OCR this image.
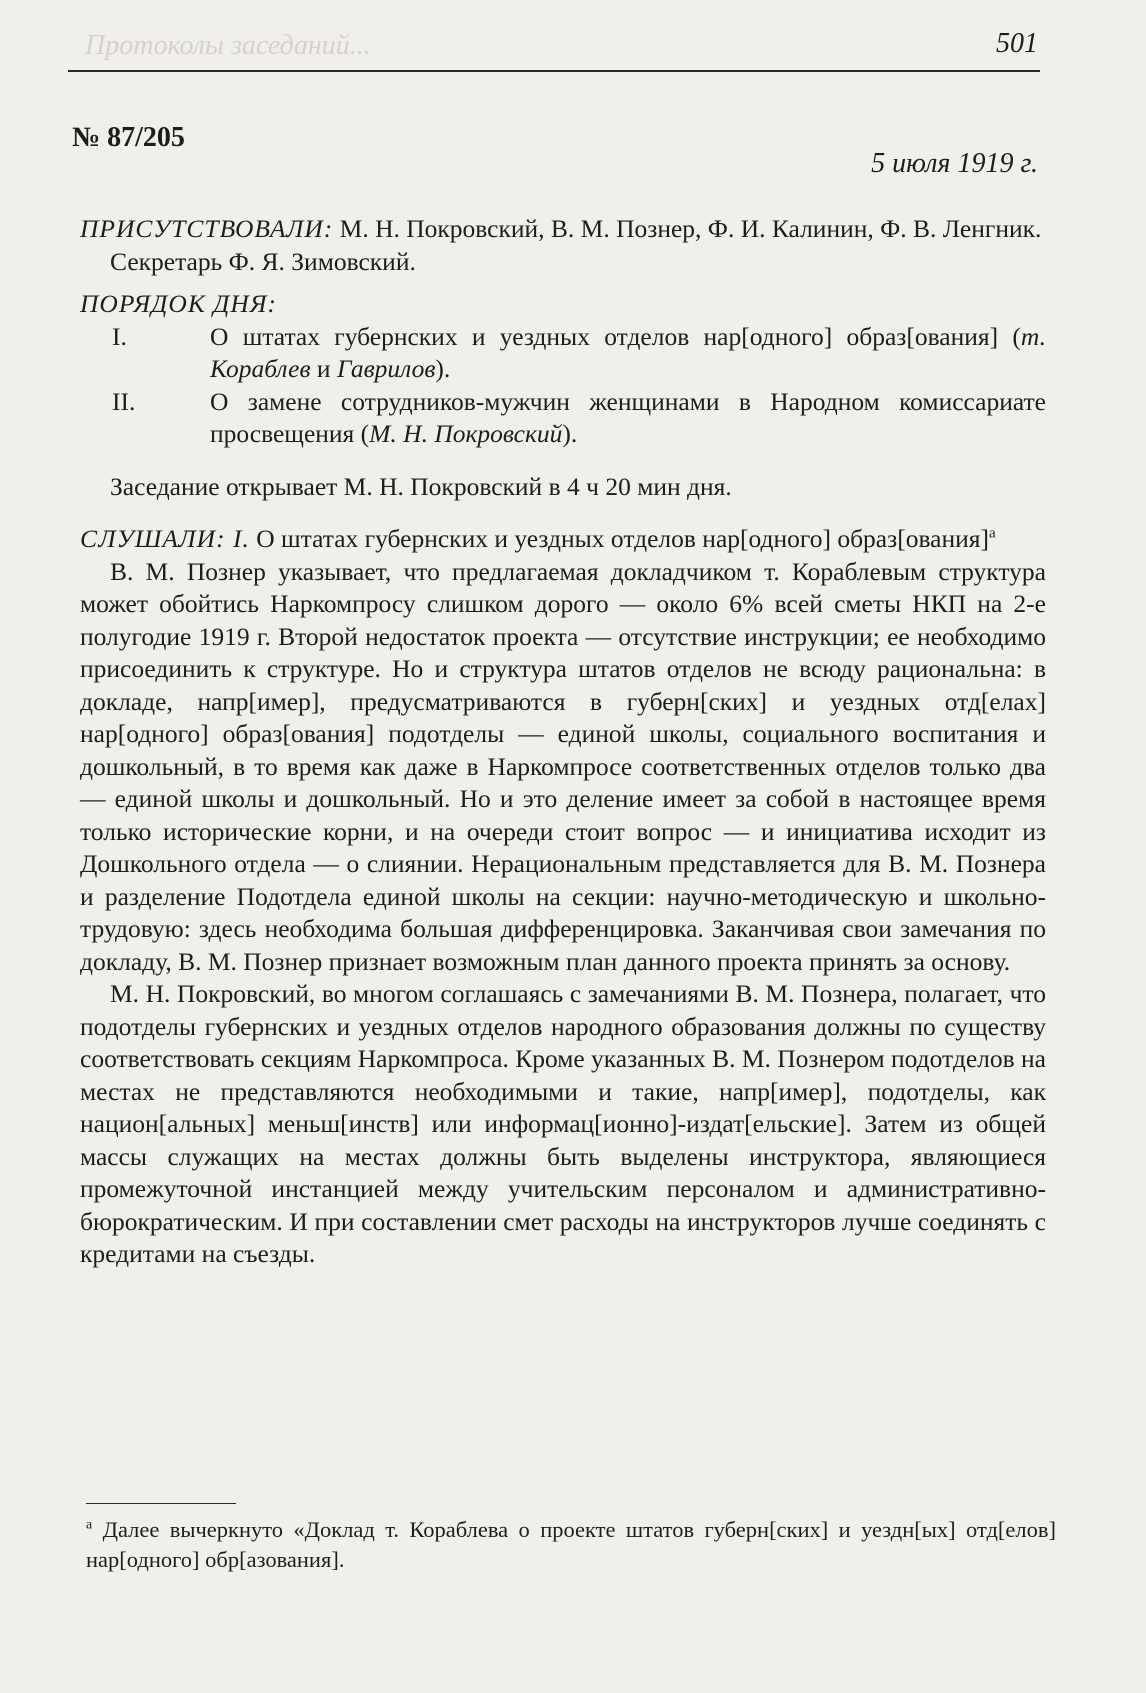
Протоколы заседаний...	501
№ 87/205
5 июля 1919 г.

ПРИСУТСТВОВАЛИ: М. Н. Покровский, В. М. Познер, Ф. И. Калинин, Ф. В. Ленгник.

Секретарь Ф. Я. Зимовский.

ПОРЯДОК ДНЯ:

I.	О штатах губернских и уездных отделов нар[одного] образ[ования] (т. Кораблев и Гаврилов).
II.	О замене сотрудников-мужчин женщинами в Народном комиссариате просвещения (М. Н. Покровский).

Заседание открывает М. Н. Покровский в 4 ч 20 мин дня.

СЛУШАЛИ: I. О штатах губернских и уездных отделов нар[одного] образ[ования]$^а$

В. М. Познер указывает, что предлагаемая докладчиком т. Кораблевым структура может обойтись Наркомпросу слишком дорого — около 6% всей сметы НКП на 2-е полугодие 1919 г. Второй недостаток проекта — отсутствие инструкции; ее необходимо присоединить к структуре. Но и структура штатов отделов не всюду рациональна: в докладе, напр[имер], предусматриваются в губерн[ских] и уездных отд[елах] нар[одного] образ[ования] подотделы — единой школы, социального воспитания и дошкольный, в то время как даже в Наркомпросе соответственных отделов только два — единой школы и дошкольный. Но и это деление имеет за собой в настоящее время только исторические корни, и на очереди стоит вопрос — и инициатива исходит из Дошкольного отдела — о слиянии. Нерациональным представляется для В. М. Познера и разделение Подотдела единой школы на секции: научно-методическую и школьно-трудовую: здесь необходима большая дифференцировка. Заканчивая свои замечания по докладу, В. М. Познер признает возможным план данного проекта принять за основу.

М. Н. Покровский, во многом соглашаясь с замечаниями В. М. Познера, полагает, что подотделы губернских и уездных отделов народного образования должны по существу соответствовать секциям Наркомпроса. Кроме указанных В. М. Познером подотделов на местах не представляются необходимыми и такие, напр[имер], подотделы, как национ[альных] меньш[инств] или информац[ионно]-издат[ельские]. Затем из общей массы служащих на местах должны быть выделены инструктора, являющиеся промежуточной инстанцией между учительским персоналом и административно-бюрократическим. И при составлении смет расходы на инструкторов лучше соединять с кредитами на съезды.

$^а$ Далее вычеркнуто «Доклад т. Кораблева о проекте штатов губерн[ских] и уездн[ых] отд[елов] нар[одного] обр[азования].
